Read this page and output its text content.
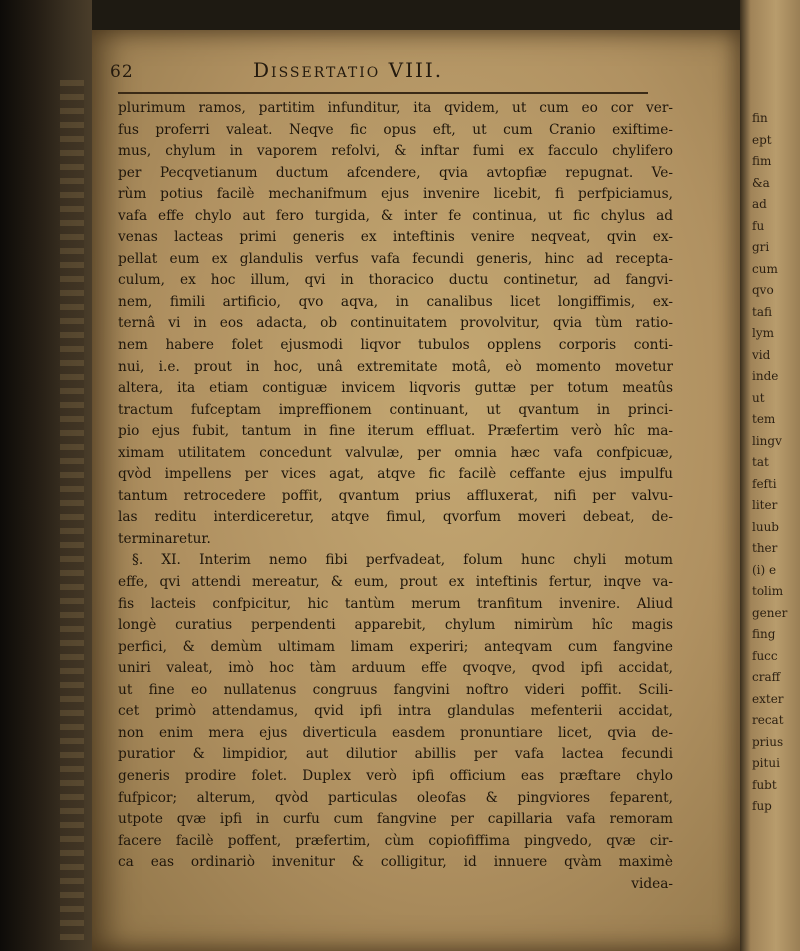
62	Dissertatio VIII.
plurimum ramos, partitim infunditur, ita qvidem, ut cum eo cor ver-
fus proferri valeat. Neqve fic opus eft, ut cum Cranio exiftime-
mus, chylum in vaporem refolvi, & inftar fumi ex facculo chylifero
per Pecqvetianum ductum afcendere, qvia avtopfiæ repugnat. Ve-
rùm potius facilè mechanifmum ejus invenire licebit, fi perfpiciamus,
vafa effe chylo aut fero turgida, & inter fe continua, ut fic chylus ad
venas lacteas primi generis ex inteftinis venire neqveat, qvin ex-
pellat eum ex glandulis verfus vafa fecundi generis, hinc ad recepta-
culum, ex hoc illum, qvi in thoracico ductu continetur, ad fangvi-
nem, fimili artificio, qvo aqva, in canalibus licet longiffimis, ex-
ternâ vi in eos adacta, ob continuitatem provolvitur, qvia tùm ratio-
nem habere folet ejusmodi liqvor tubulos opplens corporis conti-
nui, i.e. prout in hoc, unâ extremitate motâ, eò momento movetur
altera, ita etiam contiguæ invicem liqvoris guttæ per totum meatûs
tractum fufceptam impreffionem continuant, ut qvantum in princi-
pio ejus fubit, tantum in fine iterum effluat. Præfertim verò hîc ma-
ximam utilitatem concedunt valvulæ, per omnia hæc vafa confpicuæ,
qvòd impellens per vices agat, atqve fic facilè ceffante ejus impulfu
tantum retrocedere poffit, qvantum prius affluxerat, nifi per valvu-
las reditu interdiceretur, atqve fimul, qvorfum moveri debeat, de-
terminaretur.
§. XI. Interim nemo fibi perfvadeat, folum hunc chyli motum
effe, qvi attendi mereatur, & eum, prout ex inteftinis fertur, inqve va-
fis lacteis confpicitur, hic tantùm merum tranfitum invenire. Aliud
longè curatius perpendenti apparebit, chylum nimirùm hîc magis
perfici, & demùm ultimam limam experiri; anteqvam cum fangvine
uniri valeat, imò hoc tàm arduum effe qvoqve, qvod ipfi accidat,
ut fine eo nullatenus congruus fangvini noftro videri poffit. Scili-
cet primò attendamus, qvid ipfi intra glandulas mefenterii accidat,
non enim mera ejus diverticula easdem pronuntiare licet, qvia de-
puratior & limpidior, aut dilutior abillis per vafa lactea fecundi
generis prodire folet. Duplex verò ipfi officium eas præftare chylo
fufpicor; alterum, qvòd particulas oleofas & pingviores feparent,
utpote qvæ ipfi in curfu cum fangvine per capillaria vafa remoram
facere facilè poffent, præfertim, cùm copiofiffima pingvedo, qvæ cir-
ca eas ordinariò invenitur & colligitur, id innuere qvàm maximè
videa-
fin
ept
fim
&a
ad
fu
gri
cum
qvo
tafi
lym
vid
inde
ut
tem
lingv
tat
fefti
liter
luub
ther
(i) e
tolim
gener
fing
fucc
craff
exter
recat
prius
pitui
fubt
fup
